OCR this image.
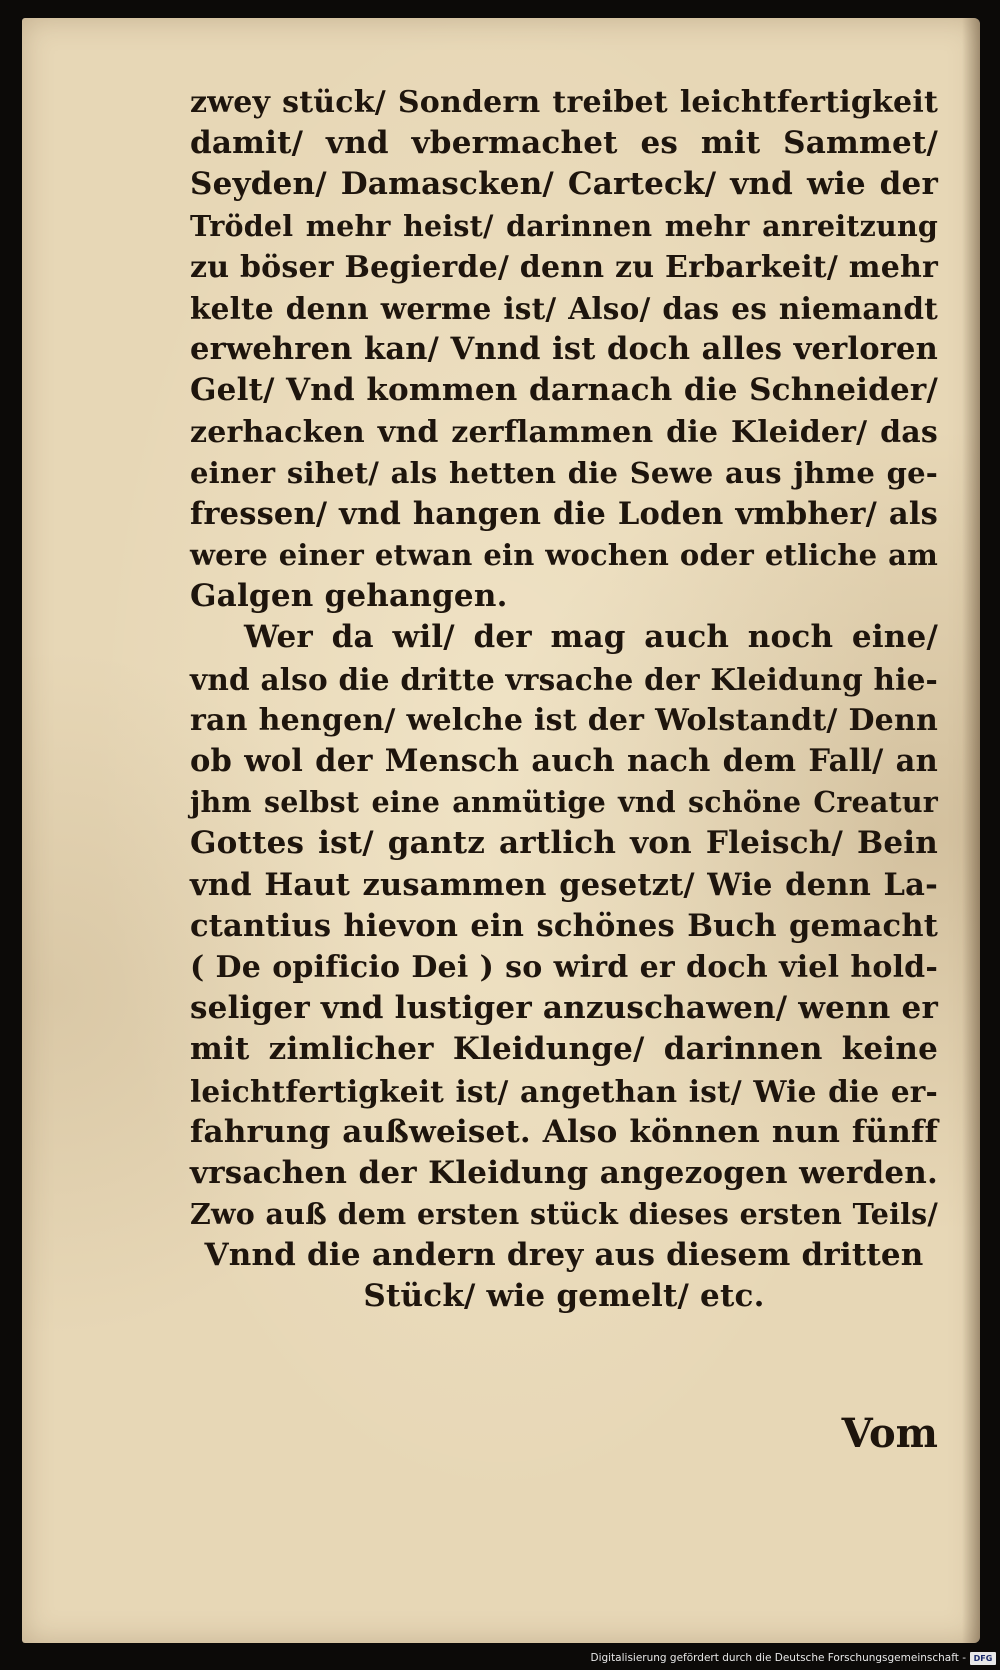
zwey stück/ Sondern treibet leichtfertigkeit
damit/ vnd vbermachet es mit Sammet/
Seyden/ Damascken/ Carteck/ vnd wie der
Trödel mehr heist/ darinnen mehr anreitzung
zu böser Begierde/ denn zu Erbarkeit/ mehr
kelte denn werme ist/ Also/ das es niemandt
erwehren kan/ Vnnd ist doch alles verloren
Gelt/ Vnd kommen darnach die Schneider/
zerhacken vnd zerflammen die Kleider/ das
einer sihet/ als hetten die Sewe aus jhme ge-
fressen/ vnd hangen die Loden vmbher/ als
were einer etwan ein wochen oder etliche am
Galgen gehangen.
Wer da wil/ der mag auch noch eine/
vnd also die dritte vrsache der Kleidung hie-
ran hengen/ welche ist der Wolstandt/ Denn
ob wol der Mensch auch nach dem Fall/ an
jhm selbst eine anmütige vnd schöne Creatur
Gottes ist/ gantz artlich von Fleisch/ Bein
vnd Haut zusammen gesetzt/ Wie denn La-
ctantius hievon ein schönes Buch gemacht
( De opificio Dei ) so wird er doch viel hold-
seliger vnd lustiger anzuschawen/ wenn er
mit zimlicher Kleidunge/ darinnen keine
leichtfertigkeit ist/ angethan ist/ Wie die er-
fahrung außweiset. Also können nun fünff
vrsachen der Kleidung angezogen werden.
Zwo auß dem ersten stück dieses ersten Teils/
Vnnd die andern drey aus diesem dritten
Stück/ wie gemelt/ etc.
Vom
Digitalisierung gefördert durch die Deutsche Forschungsgemeinschaft - DFG
